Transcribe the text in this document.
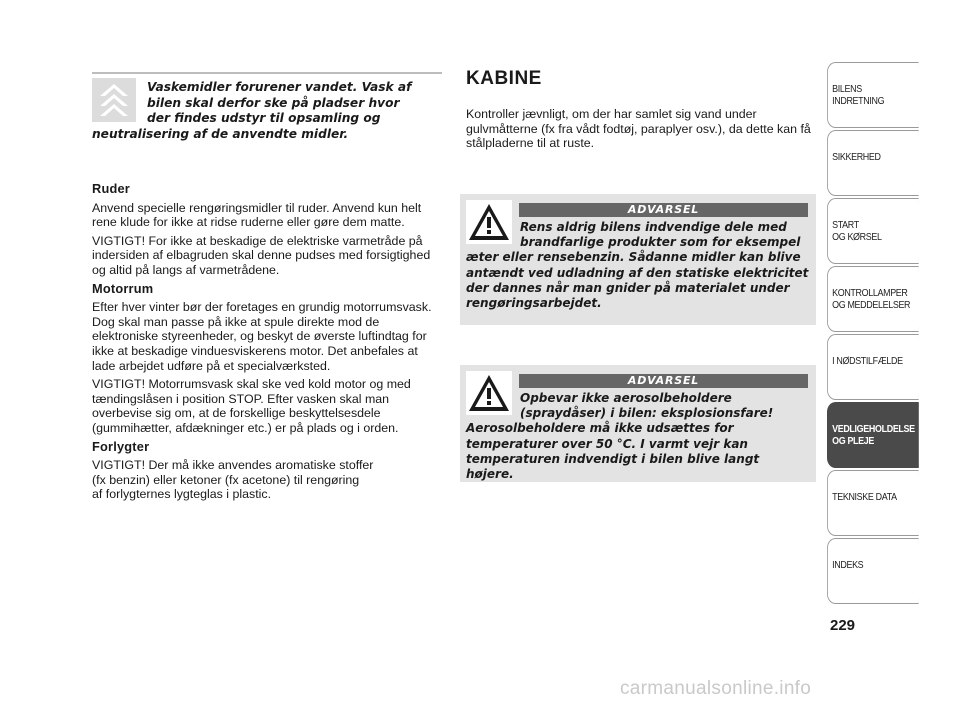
Vaskemidler forurener vandet. Vask af
bilen skal derfor ske på pladser hvor
der findes udstyr til opsamling og
neutralisering af de anvendte midler.
Ruder

Anvend specielle rengøringsmidler til ruder. Anvend kun helt rene klude for ikke at ridse ruderne eller gøre dem matte.

VIGTIGT! For ikke at beskadige de elektriske varmetråde på indersiden af elbagruden skal denne pudses med forsigtighed og altid på langs af varmetrådene.

Motorrum

Efter hver vinter bør der foretages en grundig motorrumsvask. Dog skal man passe på ikke at spule direkte mod de elektroniske styreenheder, og beskyt de øverste luftindtag for ikke at beskadige vinduesviskerens motor. Det anbefales at lade arbejdet udføre på et specialværksted.

VIGTIGT! Motorrumsvask skal ske ved kold motor og med tændingslåsen i position STOP. Efter vasken skal man overbevise sig om, at de forskellige beskyttelsesdele (gummihætter, afdækninger etc.) er på plads og i orden.

Forlygter

VIGTIGT! Der må ikke anvendes aromatiske stoffer
(fx benzin) eller ketoner (fx acetone) til rengøring
af forlygternes lygteglas i plastic.

KABINE

Kontroller jævnligt, om der har samlet sig vand under gulvmåtterne (fx fra vådt fodtøj, paraplyer osv.), da dette kan få stålpladerne til at ruste.

ADVARSEL
Rens aldrig bilens indvendige dele med
brandfarlige produkter som for eksempel
æter eller rensebenzin. Sådanne midler kan blive
antændt ved udladning af den statiske elektricitet
der dannes når man gnider på materialet under
rengøringsarbejdet.
ADVARSEL
Opbevar ikke aerosolbeholdere
(spraydåser) i bilen: eksplosionsfare!
Aerosolbeholdere må ikke udsættes for
temperaturer over 50 °C. I varmt vejr kan
temperaturen indvendigt i bilen blive langt højere.
BILENS
INDRETNING
SIKKERHED
START
OG KØRSEL
KONTROLLAMPER
OG MEDDELELSER
I NØDSTILFÆLDE
VEDLIGEHOLDELSE
OG PLEJE
TEKNISKE DATA
INDEKS
229
carmanualsonline.info
